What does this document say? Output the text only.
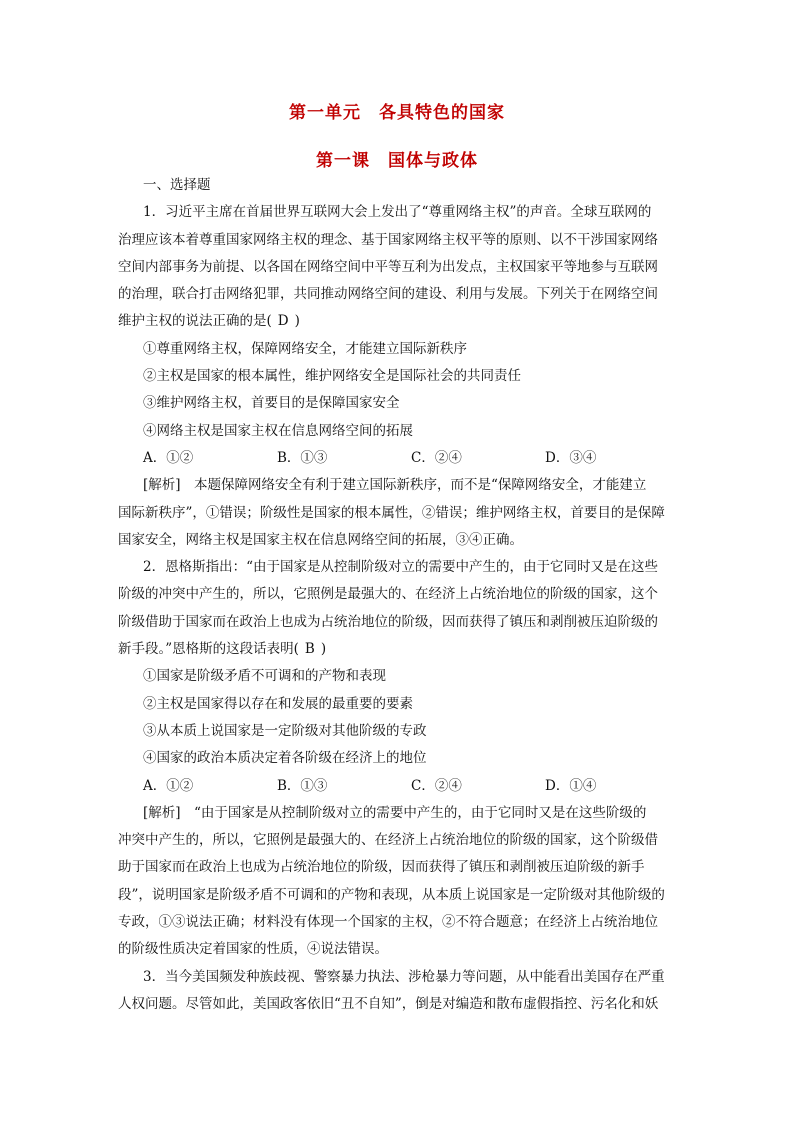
第一单元　各具特色的国家
第一课　国体与政体
一、选择题
1．习近平主席在首届世界互联网大会上发出了“尊重网络主权”的声音。全球互联网的
治理应该本着尊重国家网络主权的理念、基于国家网络主权平等的原则、以不干涉国家网络
空间内部事务为前提、以各国在网络空间中平等互利为出发点，主权国家平等地参与互联网
的治理，联合打击网络犯罪，共同推动网络空间的建设、利用与发展。下列关于在网络空间
维护主权的说法正确的是( D )
①尊重网络主权，保障网络安全，才能建立国际新秩序
②主权是国家的根本属性，维护网络安全是国际社会的共同责任
③维护网络主权，首要目的是保障国家安全
④网络主权是国家主权在信息网络空间的拓展
A．①②	B．①③	C．②④	D．③④
[解析]　本题保障网络安全有利于建立国际新秩序，而不是“保障网络安全，才能建立
国际新秩序”，①错误；阶级性是国家的根本属性，②错误；维护网络主权，首要目的是保障
国家安全，网络主权是国家主权在信息网络空间的拓展，③④正确。
2．恩格斯指出：“由于国家是从控制阶级对立的需要中产生的，由于它同时又是在这些
阶级的冲突中产生的，所以，它照例是最强大的、在经济上占统治地位的阶级的国家，这个
阶级借助于国家而在政治上也成为占统治地位的阶级，因而获得了镇压和剥削被压迫阶级的
新手段。”恩格斯的这段话表明( B )
①国家是阶级矛盾不可调和的产物和表现
②主权是国家得以存在和发展的最重要的要素
③从本质上说国家是一定阶级对其他阶级的专政
④国家的政治本质决定着各阶级在经济上的地位
A．①②	B．①③	C．②④	D．①④
[解析]　“由于国家是从控制阶级对立的需要中产生的，由于它同时又是在这些阶级的
冲突中产生的，所以，它照例是最强大的、在经济上占统治地位的阶级的国家，这个阶级借
助于国家而在政治上也成为占统治地位的阶级，因而获得了镇压和剥削被压迫阶级的新手
段”，说明国家是阶级矛盾不可调和的产物和表现，从本质上说国家是一定阶级对其他阶级的
专政，①③说法正确；材料没有体现一个国家的主权，②不符合题意；在经济上占统治地位
的阶级性质决定着国家的性质，④说法错误。
3．当今美国频发种族歧视、警察暴力执法、涉枪暴力等问题，从中能看出美国存在严重
人权问题。尽管如此，美国政客依旧“丑不自知”，倒是对编造和散布虚假指控、污名化和妖
